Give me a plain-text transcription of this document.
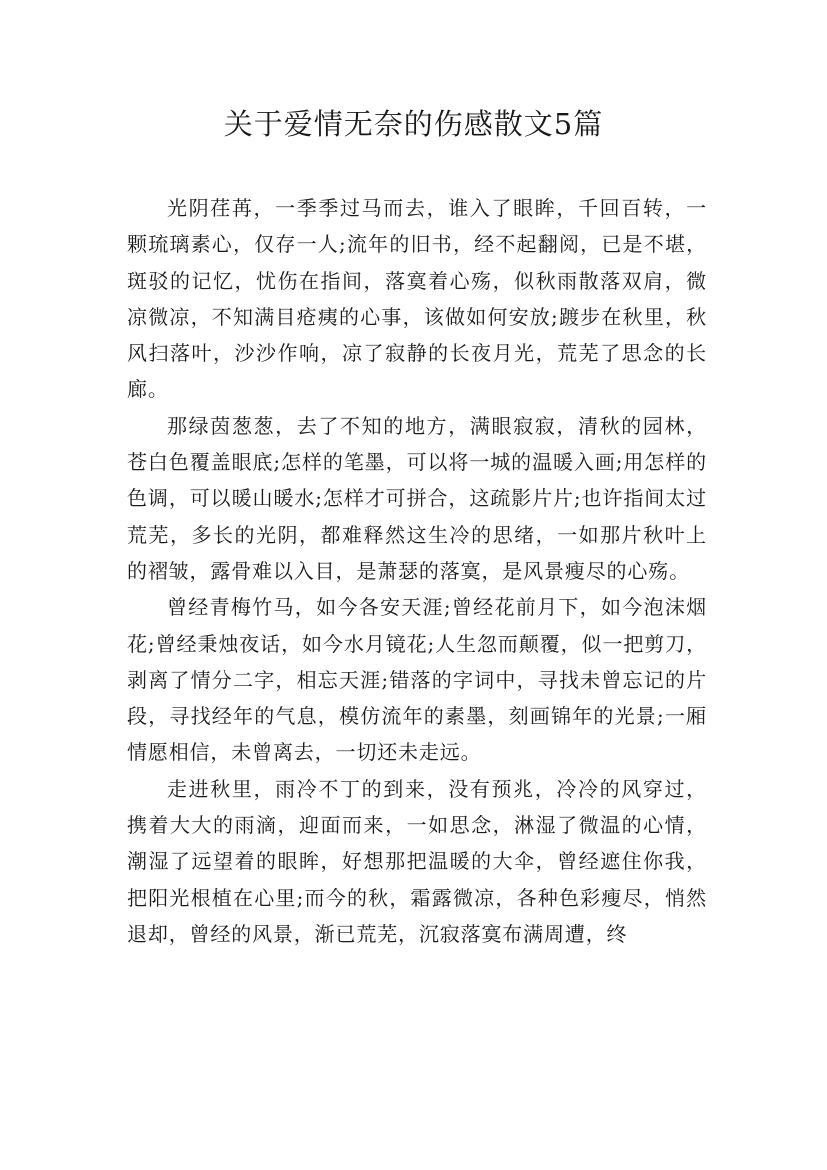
关于爱情无奈的伤感散文5篇

光阴荏苒，一季季过马而去，谁入了眼眸，千回百转，一颗琉璃素心，仅存一人;流年的旧书，经不起翻阅，已是不堪，斑驳的记忆，忧伤在指间，落寞着心殇，似秋雨散落双肩，微凉微凉，不知满目疮痍的心事，该做如何安放;踱步在秋里，秋风扫落叶，沙沙作响，凉了寂静的长夜月光，荒芜了思念的长廊。

那绿茵葱葱，去了不知的地方，满眼寂寂，清秋的园林，苍白色覆盖眼底;怎样的笔墨，可以将一城的温暖入画;用怎样的色调，可以暖山暖水;怎样才可拼合，这疏影片片;也许指间太过荒芜，多长的光阴，都难释然这生冷的思绪，一如那片秋叶上的褶皱，露骨难以入目，是萧瑟的落寞，是风景瘦尽的心殇。

曾经青梅竹马，如今各安天涯;曾经花前月下，如今泡沫烟花;曾经秉烛夜话，如今水月镜花;人生忽而颠覆，似一把剪刀，剥离了情分二字，相忘天涯;错落的字词中，寻找未曾忘记的片段，寻找经年的气息，模仿流年的素墨，刻画锦年的光景;一厢情愿相信，未曾离去，一切还未走远。

走进秋里，雨冷不丁的到来，没有预兆，冷冷的风穿过，携着大大的雨滴，迎面而来，一如思念，淋湿了微温的心情，潮湿了远望着的眼眸，好想那把温暖的大伞，曾经遮住你我，把阳光根植在心里;而今的秋，霜露微凉，各种色彩瘦尽，悄然退却，曾经的风景，渐已荒芜，沉寂落寞布满周遭，终
